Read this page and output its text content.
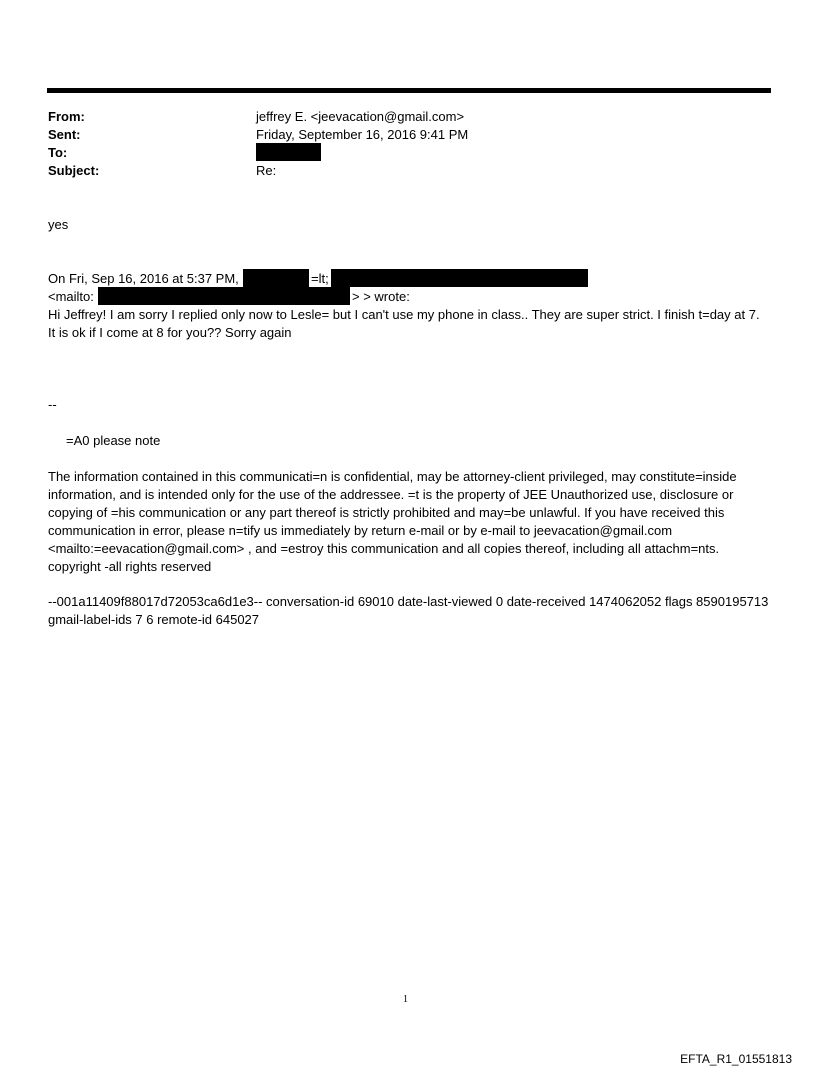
From:	jeffrey E. <jeevacation@gmail.com>
Sent:	Friday, September 16, 2016 9:41 PM
To:
Subject:	Re:
yes
On Fri, Sep 16, 2016 at 5:37 PM,	=lt;
<mailto:	> > wrote:
Hi Jeffrey! I am sorry I replied only now to Lesle= but I can't use my phone in class.. They are super strict. I finish t=day at 7. It is ok if I come at 8 for you?? Sorry again
--
=A0 please note
The information contained in this communicati=n is confidential, may be attorney-client privileged, may constitute=inside information, and is intended only for the use of the addressee. =t is the property of JEE Unauthorized use, disclosure or copying of =his communication or any part thereof is strictly prohibited and may=be unlawful. If you have received this communication in error, please n=tify us immediately by return e-mail or by e-mail to jeevacation@gmail.com <mailto:=eevacation@gmail.com> , and =estroy this communication and all copies thereof, including all attachm=nts. copyright -all rights reserved
--001a11409f88017d72053ca6d1e3-- conversation-id 69010 date-last-viewed 0 date-received 1474062052 flags 8590195713 gmail-label-ids 7 6 remote-id 645027
1
EFTA_R1_01551813
